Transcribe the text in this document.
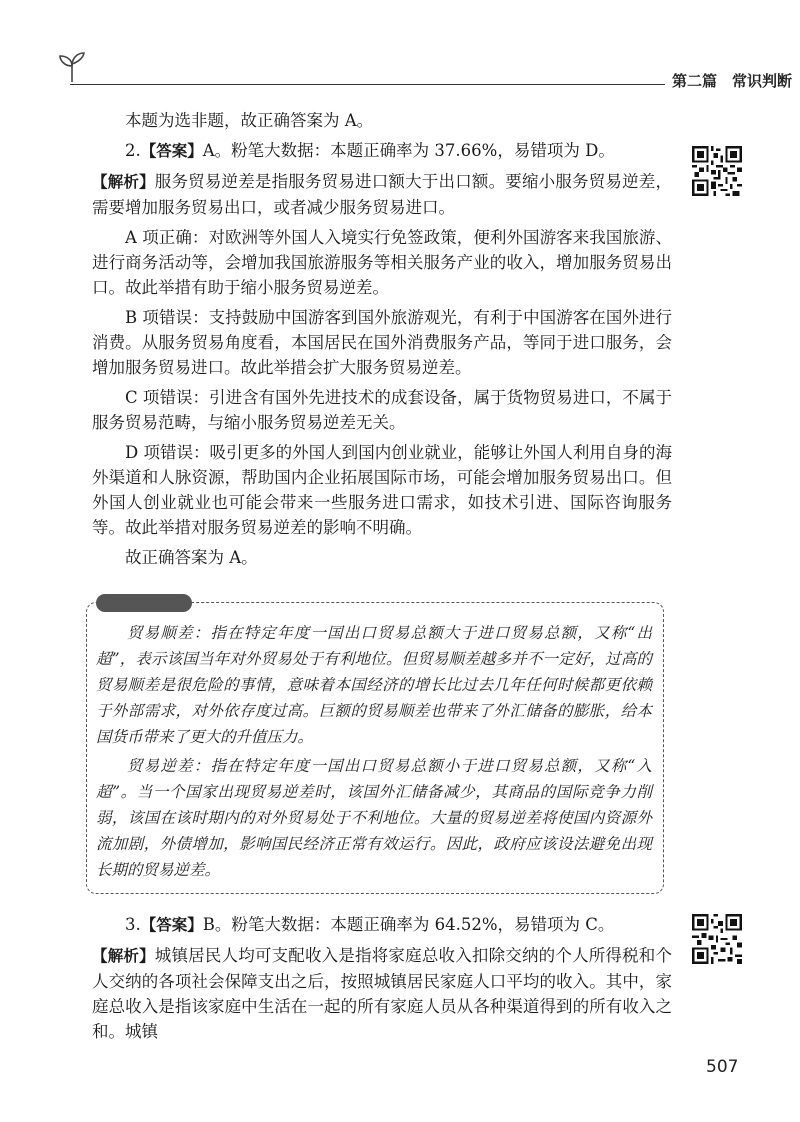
第二篇　常识判断

本题为选非题，故正确答案为 A。

2.【答案】A。粉笔大数据：本题正确率为 37.66%，易错项为 D。

【解析】服务贸易逆差是指服务贸易进口额大于出口额。要缩小服务贸易逆差，需要增加服务贸易出口，或者减少服务贸易进口。

A 项正确：对欧洲等外国人入境实行免签政策，便利外国游客来我国旅游、进行商务活动等，会增加我国旅游服务等相关服务产业的收入，增加服务贸易出口。故此举措有助于缩小服务贸易逆差。

B 项错误：支持鼓励中国游客到国外旅游观光，有利于中国游客在国外进行消费。从服务贸易角度看，本国居民在国外消费服务产品，等同于进口服务，会增加服务贸易进口。故此举措会扩大服务贸易逆差。

C 项错误：引进含有国外先进技术的成套设备，属于货物贸易进口，不属于服务贸易范畴，与缩小服务贸易逆差无关。

D 项错误：吸引更多的外国人到国内创业就业，能够让外国人利用自身的海外渠道和人脉资源，帮助国内企业拓展国际市场，可能会增加服务贸易出口。但外国人创业就业也可能会带来一些服务进口需求，如技术引进、国际咨询服务等。故此举措对服务贸易逆差的影响不明确。

故正确答案为 A。

贸易顺差：指在特定年度一国出口贸易总额大于进口贸易总额，又称“出超”，表示该国当年对外贸易处于有利地位。但贸易顺差越多并不一定好，过高的贸易顺差是很危险的事情，意味着本国经济的增长比过去几年任何时候都更依赖于外部需求，对外依存度过高。巨额的贸易顺差也带来了外汇储备的膨胀，给本国货币带来了更大的升值压力。

贸易逆差：指在特定年度一国出口贸易总额小于进口贸易总额，又称“入超”。当一个国家出现贸易逆差时，该国外汇储备减少，其商品的国际竞争力削弱，该国在该时期内的对外贸易处于不利地位。大量的贸易逆差将使国内资源外流加剧，外债增加，影响国民经济正常有效运行。因此，政府应该设法避免出现长期的贸易逆差。

3.【答案】B。粉笔大数据：本题正确率为 64.52%，易错项为 C。

【解析】城镇居民人均可支配收入是指将家庭总收入扣除交纳的个人所得税和个人交纳的各项社会保障支出之后，按照城镇居民家庭人口平均的收入。其中，家庭总收入是指该家庭中生活在一起的所有家庭人员从各种渠道得到的所有收入之和。城镇

507
